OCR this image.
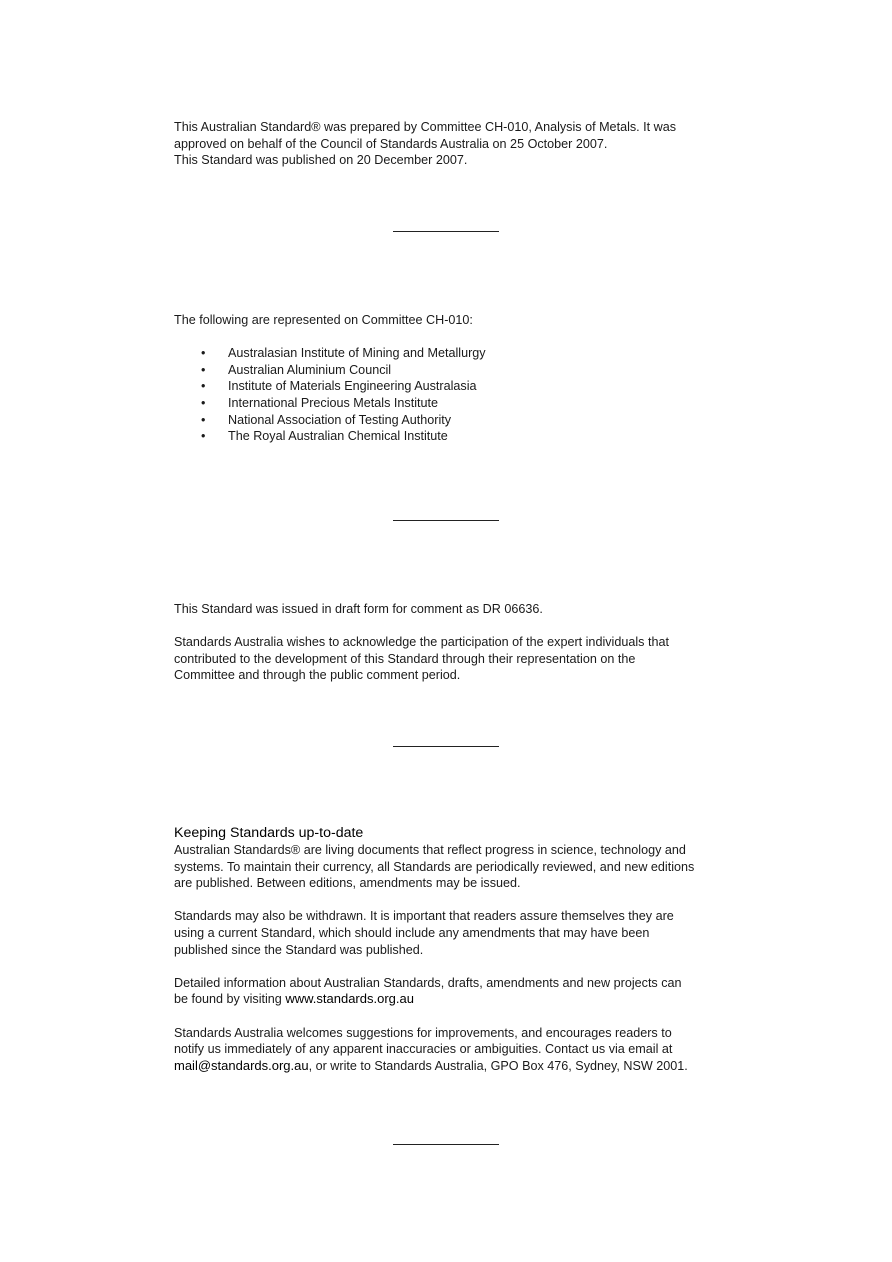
This Australian Standard® was prepared by Committee CH-010, Analysis of Metals. It was

approved on behalf of the Council of Standards Australia on 25 October 2007.

This Standard was published on 20 December 2007.

The following are represented on Committee CH-010:

• Australasian Institute of Mining and Metallurgy
• Australian Aluminium Council
• Institute of Materials Engineering Australasia
• International Precious Metals Institute
• National Association of Testing Authority
• The Royal Australian Chemical Institute

This Standard was issued in draft form for comment as DR 06636.

Standards Australia wishes to acknowledge the participation of the expert individuals that

contributed to the development of this Standard through their representation on the

Committee and through the public comment period.

Keeping Standards up-to-date

Australian Standards® are living documents that reflect progress in science, technology and

systems. To maintain their currency, all Standards are periodically reviewed, and new editions

are published. Between editions, amendments may be issued.

Standards may also be withdrawn. It is important that readers assure themselves they are

using a current Standard, which should include any amendments that may have been

published since the Standard was published.

Detailed information about Australian Standards, drafts, amendments and new projects can

be found by visiting www.standards.org.au

Standards Australia welcomes suggestions for improvements, and encourages readers to

notify us immediately of any apparent inaccuracies or ambiguities. Contact us via email at

mail@standards.org.au, or write to Standards Australia, GPO Box 476, Sydney, NSW 2001.
